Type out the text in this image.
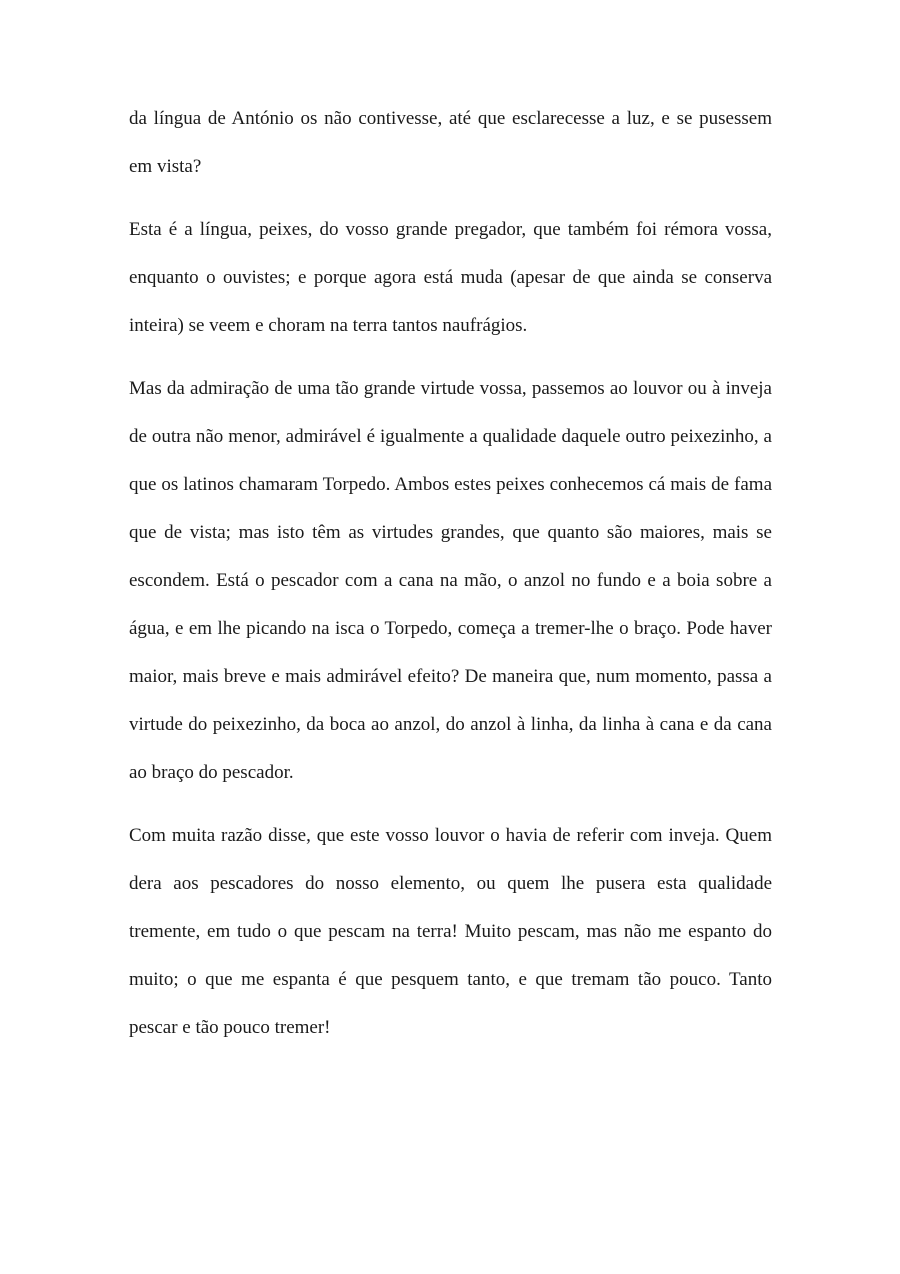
da língua de António os não contivesse, até que esclarecesse a luz, e se pusessem em vista?

Esta é a língua, peixes, do vosso grande pregador, que também foi rémora vossa, enquanto o ouvistes; e porque agora está muda (apesar de que ainda se conserva inteira) se veem e choram na terra tantos naufrágios.

Mas da admiração de uma tão grande virtude vossa, passemos ao louvor ou à inveja de outra não menor, admirável é igualmente a qualidade daquele outro peixezinho, a que os latinos chamaram Torpedo. Ambos estes peixes conhecemos cá mais de fama que de vista; mas isto têm as virtudes grandes, que quanto são maiores, mais se escondem. Está o pescador com a cana na mão, o anzol no fundo e a boia sobre a água, e em lhe picando na isca o Torpedo, começa a tremer-lhe o braço. Pode haver maior, mais breve e mais admirável efeito? De maneira que, num momento, passa a virtude do peixezinho, da boca ao anzol, do anzol à linha, da linha à cana e da cana ao braço do pescador.

Com muita razão disse, que este vosso louvor o havia de referir com inveja. Quem dera aos pescadores do nosso elemento, ou quem lhe pusera esta qualidade tremente, em tudo o que pescam na terra! Muito pescam, mas não me espanto do muito; o que me espanta é que pesquem tanto, e que tremam tão pouco. Tanto pescar e tão pouco tremer!
